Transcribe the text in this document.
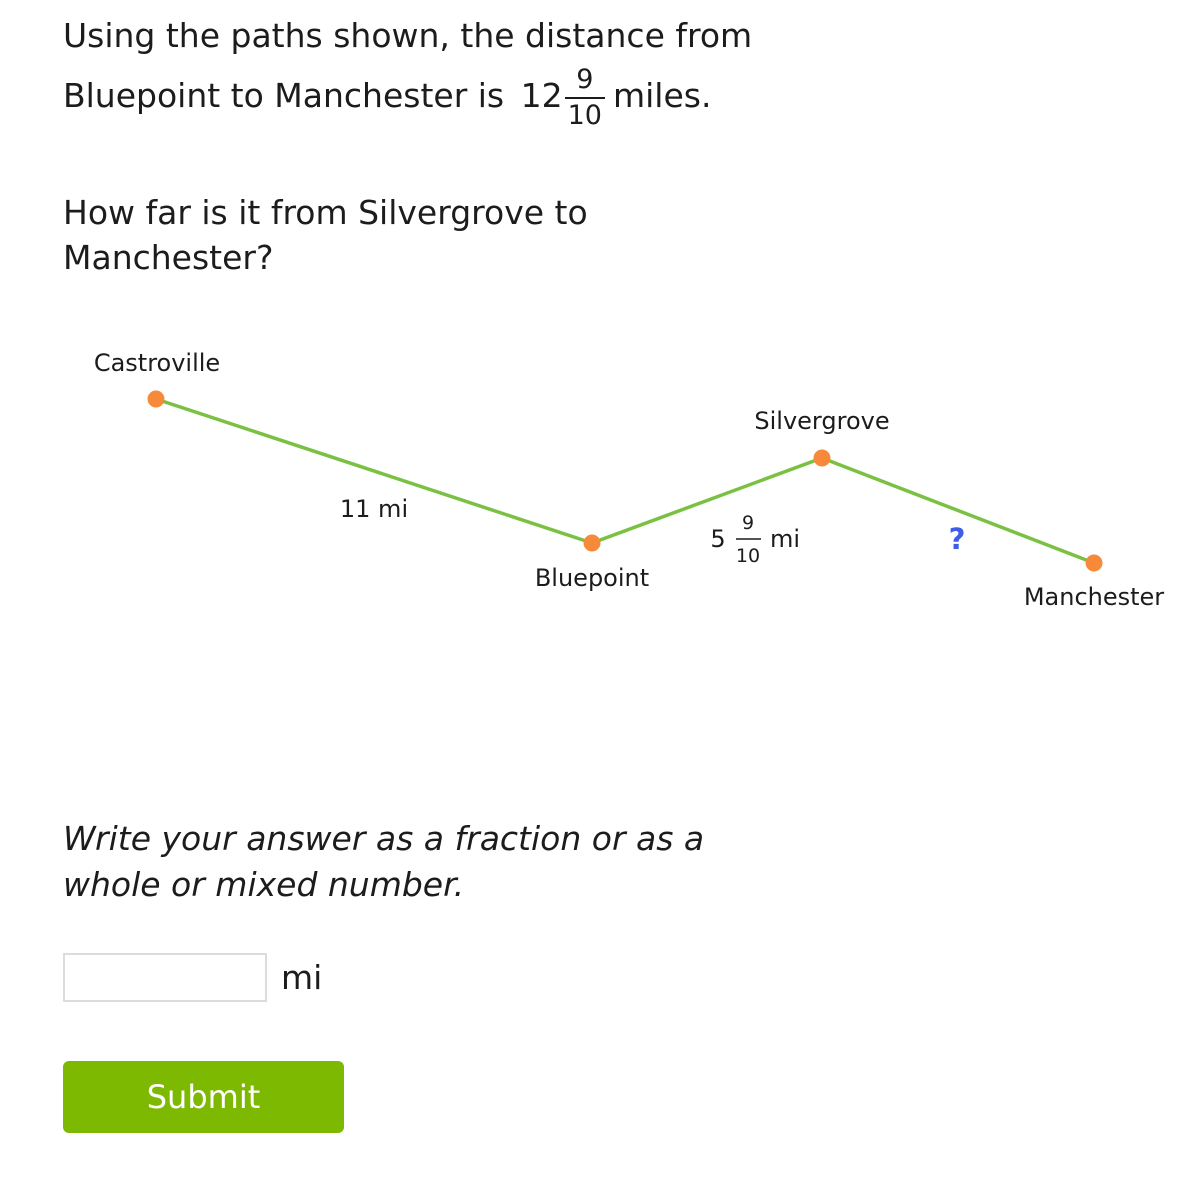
Using the paths shown, the distance from
Bluepoint to Manchester is $12 \frac{9}{10}$ miles.
How far is it from Silvergrove to
Manchester?
Castroville
Bluepoint
Silvergrove
Manchester
11 mi
5
9
10
mi	?
Write your answer as a fraction or as a
whole or mixed number.
mi
Submit
